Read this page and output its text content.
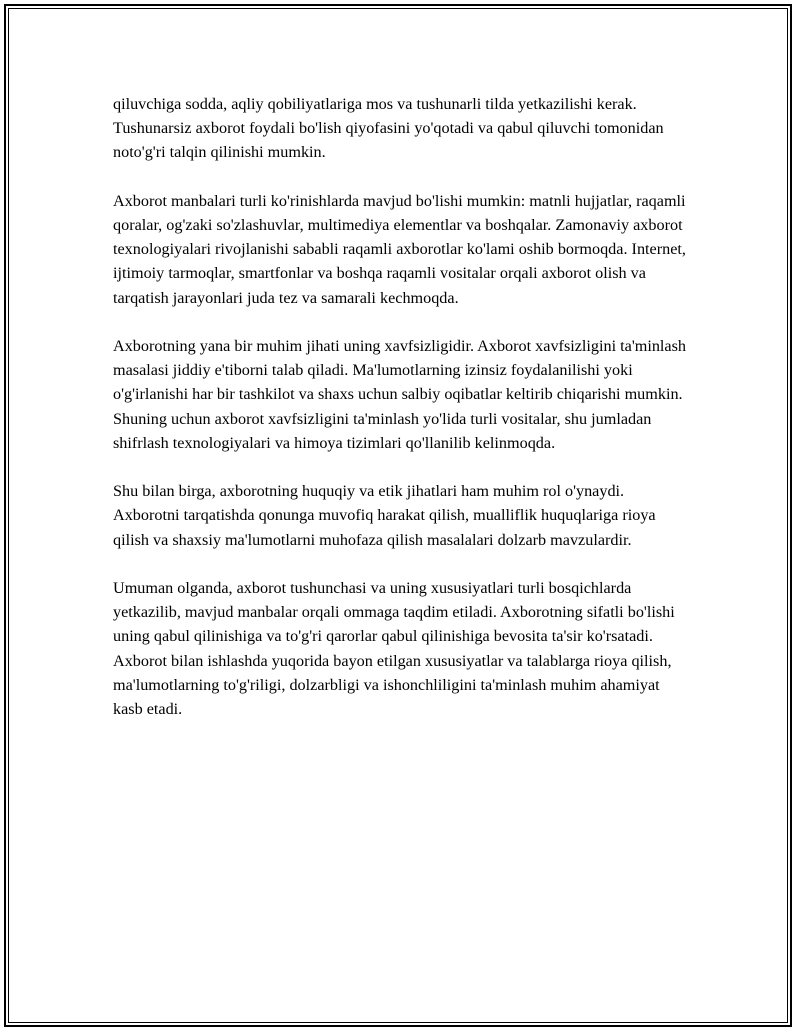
qiluvchiga sodda, aqliy qobiliyatlariga mos va tushunarli tilda yetkazilishi kerak. Tushunarsiz axborot foydali bo'lish qiyofasini yo'qotadi va qabul qiluvchi tomonidan noto'g'ri talqin qilinishi mumkin.

Axborot manbalari turli ko'rinishlarda mavjud bo'lishi mumkin: matnli hujjatlar, raqamli qoralar, og'zaki so'zlashuvlar, multimediya elementlar va boshqalar. Zamonaviy axborot texnologiyalari rivojlanishi sababli raqamli axborotlar ko'lami oshib bormoqda. Internet, ijtimoiy tarmoqlar, smartfonlar va boshqa raqamli vositalar orqali axborot olish va tarqatish jarayonlari juda tez va samarali kechmoqda.

Axborotning yana bir muhim jihati uning xavfsizligidir. Axborot xavfsizligini ta'minlash masalasi jiddiy e'tiborni talab qiladi. Ma'lumotlarning izinsiz foydalanilishi yoki o'g'irlanishi har bir tashkilot va shaxs uchun salbiy oqibatlar keltirib chiqarishi mumkin. Shuning uchun axborot xavfsizligini ta'minlash yo'lida turli vositalar, shu jumladan shifrlash texnologiyalari va himoya tizimlari qo'llanilib kelinmoqda.

Shu bilan birga, axborotning huquqiy va etik jihatlari ham muhim rol o'ynaydi. Axborotni tarqatishda qonunga muvofiq harakat qilish, mualliflik huquqlariga rioya qilish va shaxsiy ma'lumotlarni muhofaza qilish masalalari dolzarb mavzulardir.

Umuman olganda, axborot tushunchasi va uning xususiyatlari turli bosqichlarda yetkazilib, mavjud manbalar orqali ommaga taqdim etiladi. Axborotning sifatli bo'lishi uning qabul qilinishiga va to'g'ri qarorlar qabul qilinishiga bevosita ta'sir ko'rsatadi. Axborot bilan ishlashda yuqorida bayon etilgan xususiyatlar va talablarga rioya qilish, ma'lumotlarning to'g'riligi, dolzarbligi va ishonchliligini ta'minlash muhim ahamiyat kasb etadi.
